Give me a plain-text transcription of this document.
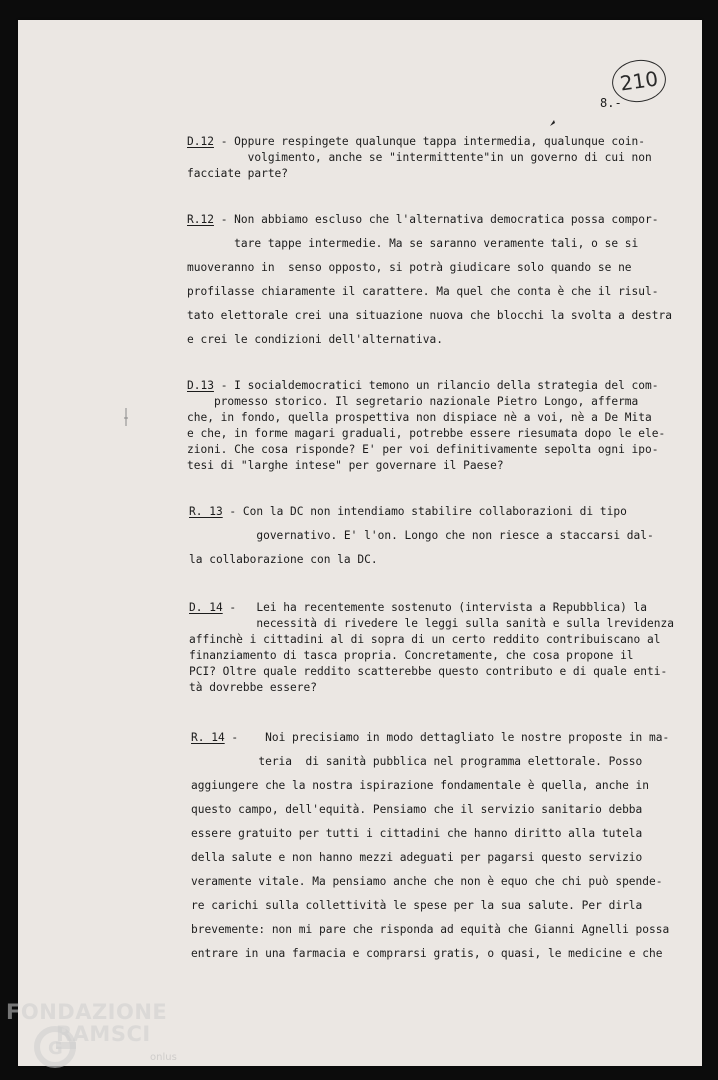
210
8.-

D.12 - Oppure respingete qualunque tappa intermedia, qualunque coin-

volgimento, anche se "intermittente"in un governo di cui non

facciate parte?

R.12 - Non abbiamo escluso che l'alternativa democratica possa compor-

tare tappe intermedie. Ma se saranno veramente tali, o se si

muoveranno in  senso opposto, si potrà giudicare solo quando se ne

profilasse chiaramente il carattere. Ma quel che conta è che il risul-

tato elettorale crei una situazione nuova che blocchi la svolta a destra

e crei le condizioni dell'alternativa.

D.13 - I socialdemocratici temono un rilancio della strategia del com-

promesso storico. Il segretario nazionale Pietro Longo, afferma

che, in fondo, quella prospettiva non dispiace nè a voi, nè a De Mita

e che, in forme magari graduali, potrebbe essere riesumata dopo le ele-

zioni. Che cosa risponde? E' per voi definitivamente sepolta ogni ipo-

tesi di "larghe intese" per governare il Paese?

R. 13 - Con la DC non intendiamo stabilire collaborazioni di tipo

governativo. E' l'on. Longo che non riesce a staccarsi dal-

la collaborazione con la DC.

D. 14 -   Lei ha recentemente sostenuto (intervista a Repubblica) la

necessità di rivedere le leggi sulla sanità e sulla lrevidenza

affinchè i cittadini al di sopra di un certo reddito contribuiscano al

finanziamento di tasca propria. Concretamente, che cosa propone il

PCI? Oltre quale reddito scatterebbe questo contributo e di quale enti-

tà dovrebbe essere?

R. 14 -    Noi precisiamo in modo dettagliato le nostre proposte in ma-

teria  di sanità pubblica nel programma elettorale. Posso

aggiungere che la nostra ispirazione fondamentale è quella, anche in

questo campo, dell'equità. Pensiamo che il servizio sanitario debba

essere gratuito per tutti i cittadini che hanno diritto alla tutela

della salute e non hanno mezzi adeguati per pagarsi questo servizio

veramente vitale. Ma pensiamo anche che non è equo che chi può spende-

re carichi sulla collettività le spese per la sua salute. Per dirla

brevemente: non mi pare che risponda ad equità che Gianni Agnelli possa

entrare in una farmacia e comprarsi gratis, o quasi, le medicine e che

FONDAZIONE
G
RAMSCI
onlus
